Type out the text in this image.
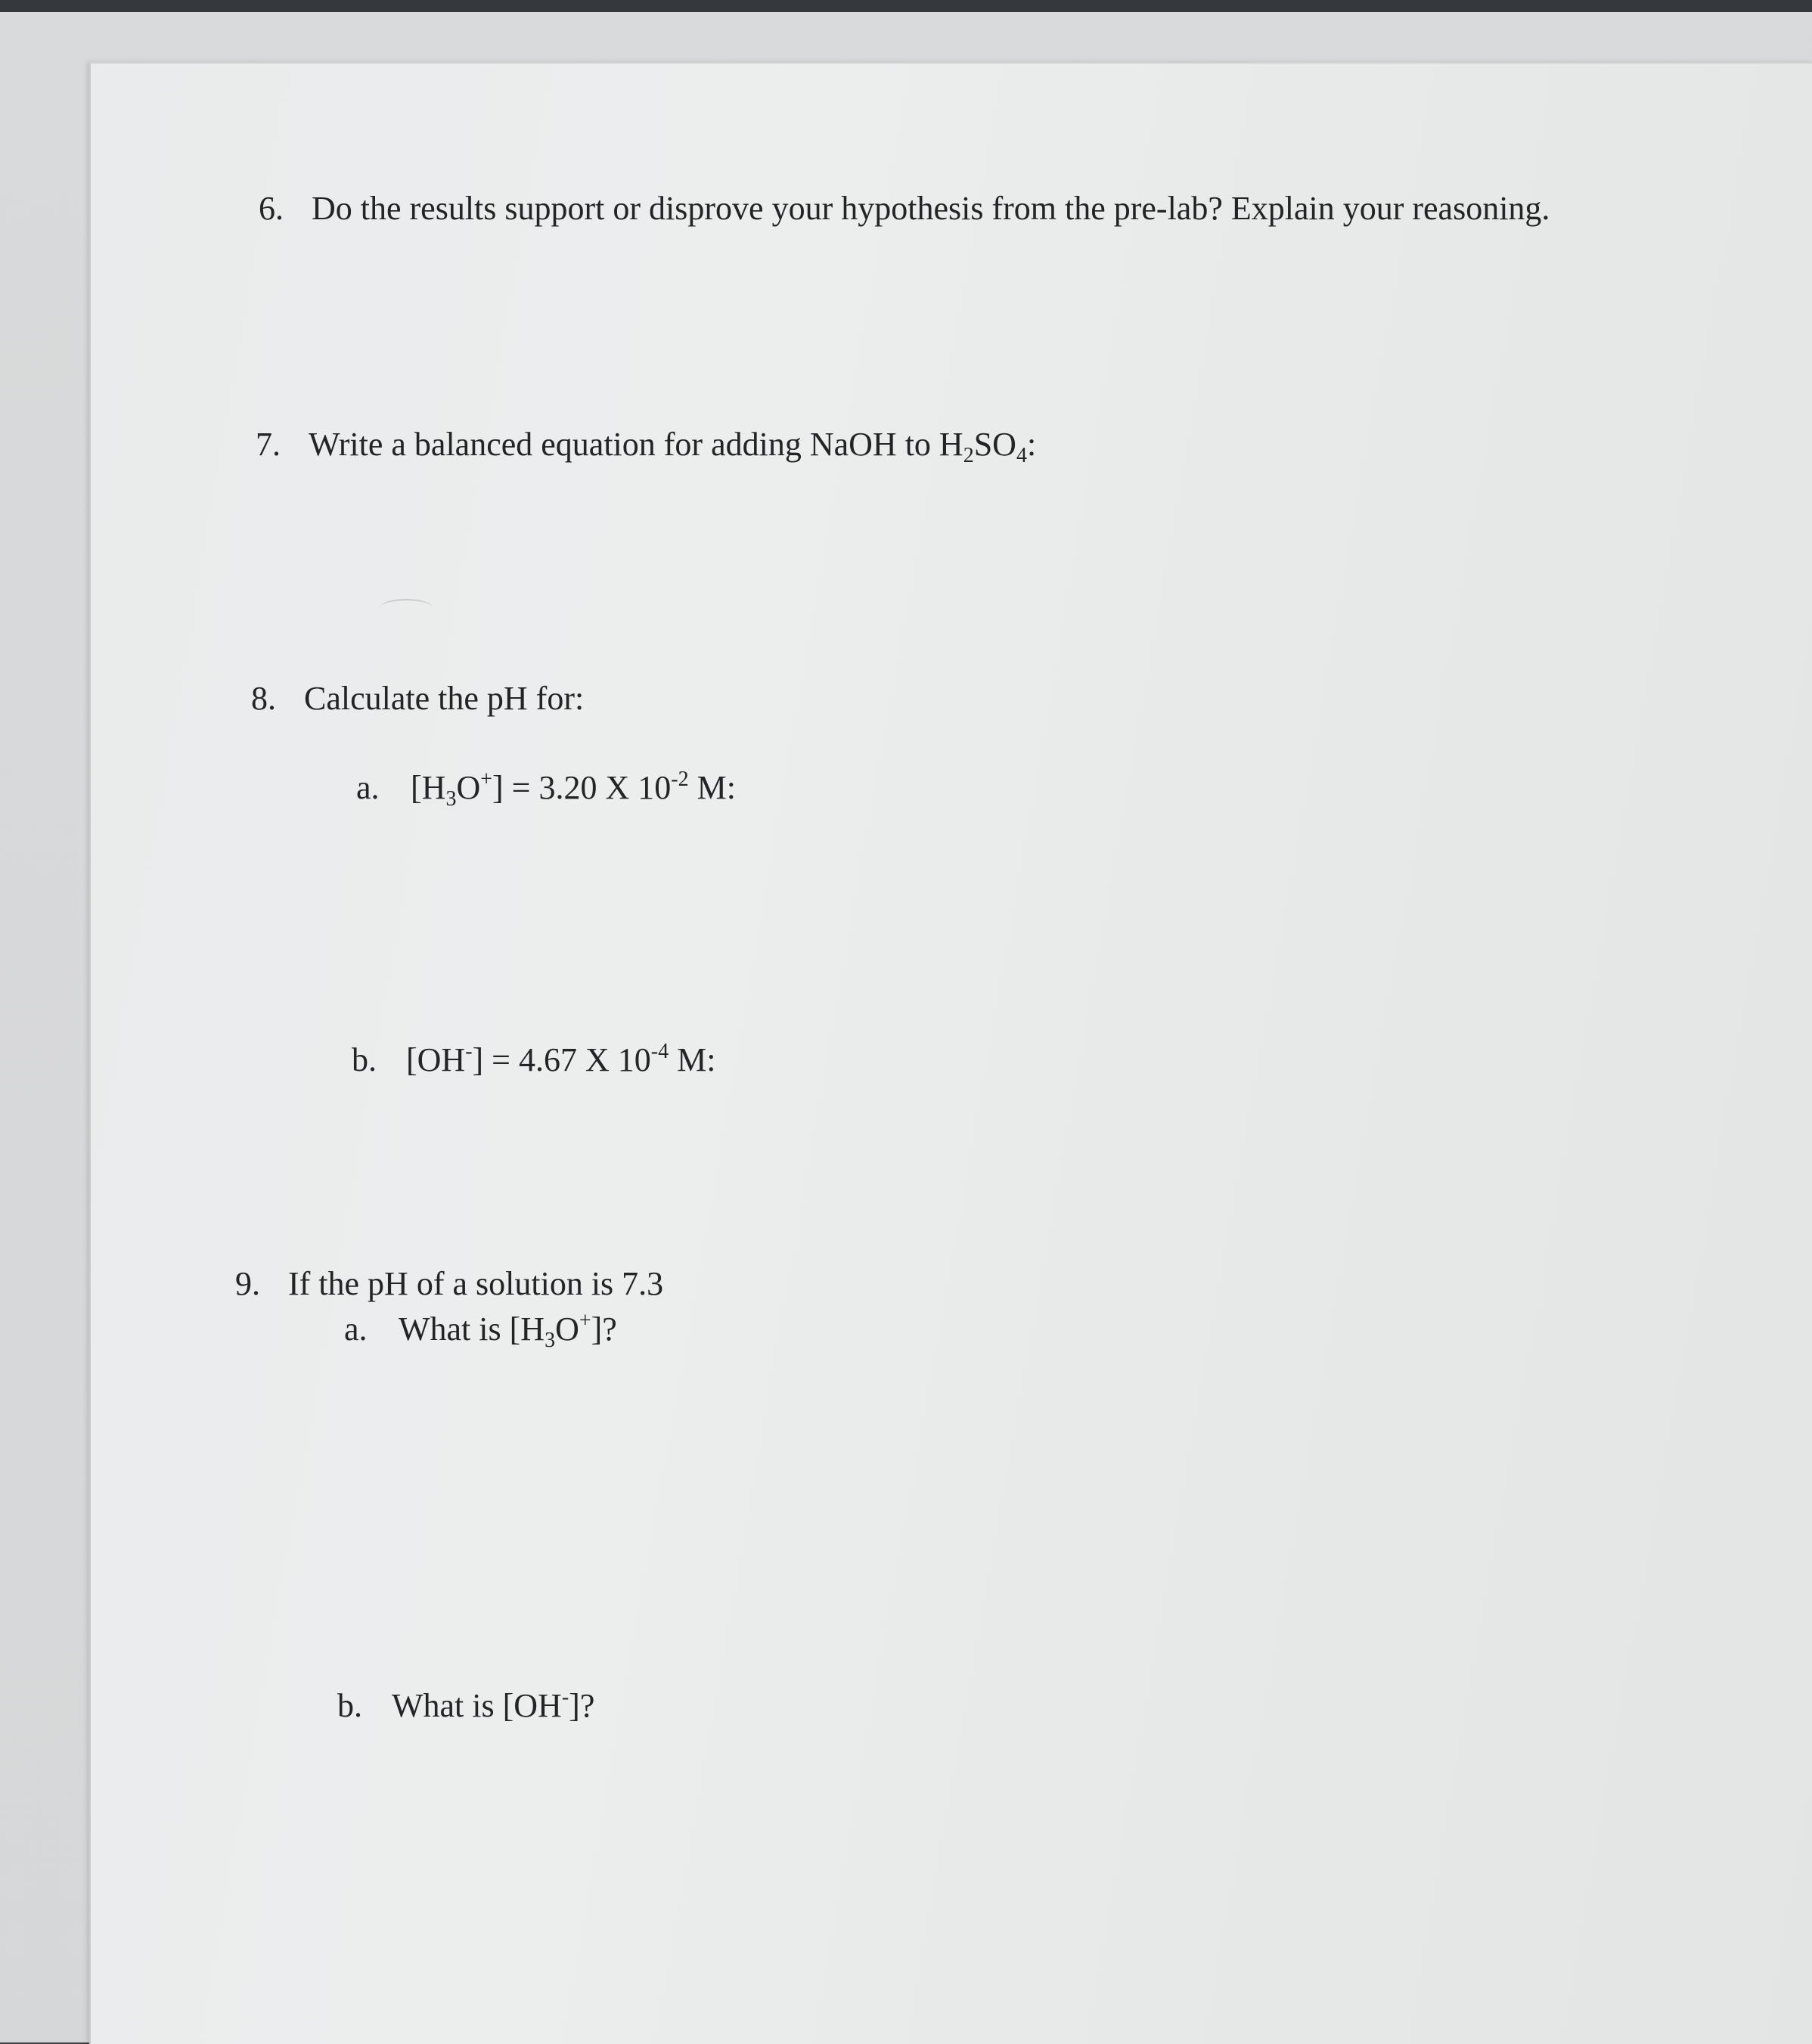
6. Do the results support or disprove your hypothesis from the pre-lab? Explain your reasoning.
7. Write a balanced equation for adding NaOH to $H_2SO_4$:
8. Calculate the pH for:
a. $[H_3O^+] = 3.20$ X $10^{-2}$ M:
b. [OH-] = 4.67 X $10^{-4}$ M:
9. If the pH of a solution is 7.3
a. What is $[H_3O^+]$?
b. What is [OH-]?
